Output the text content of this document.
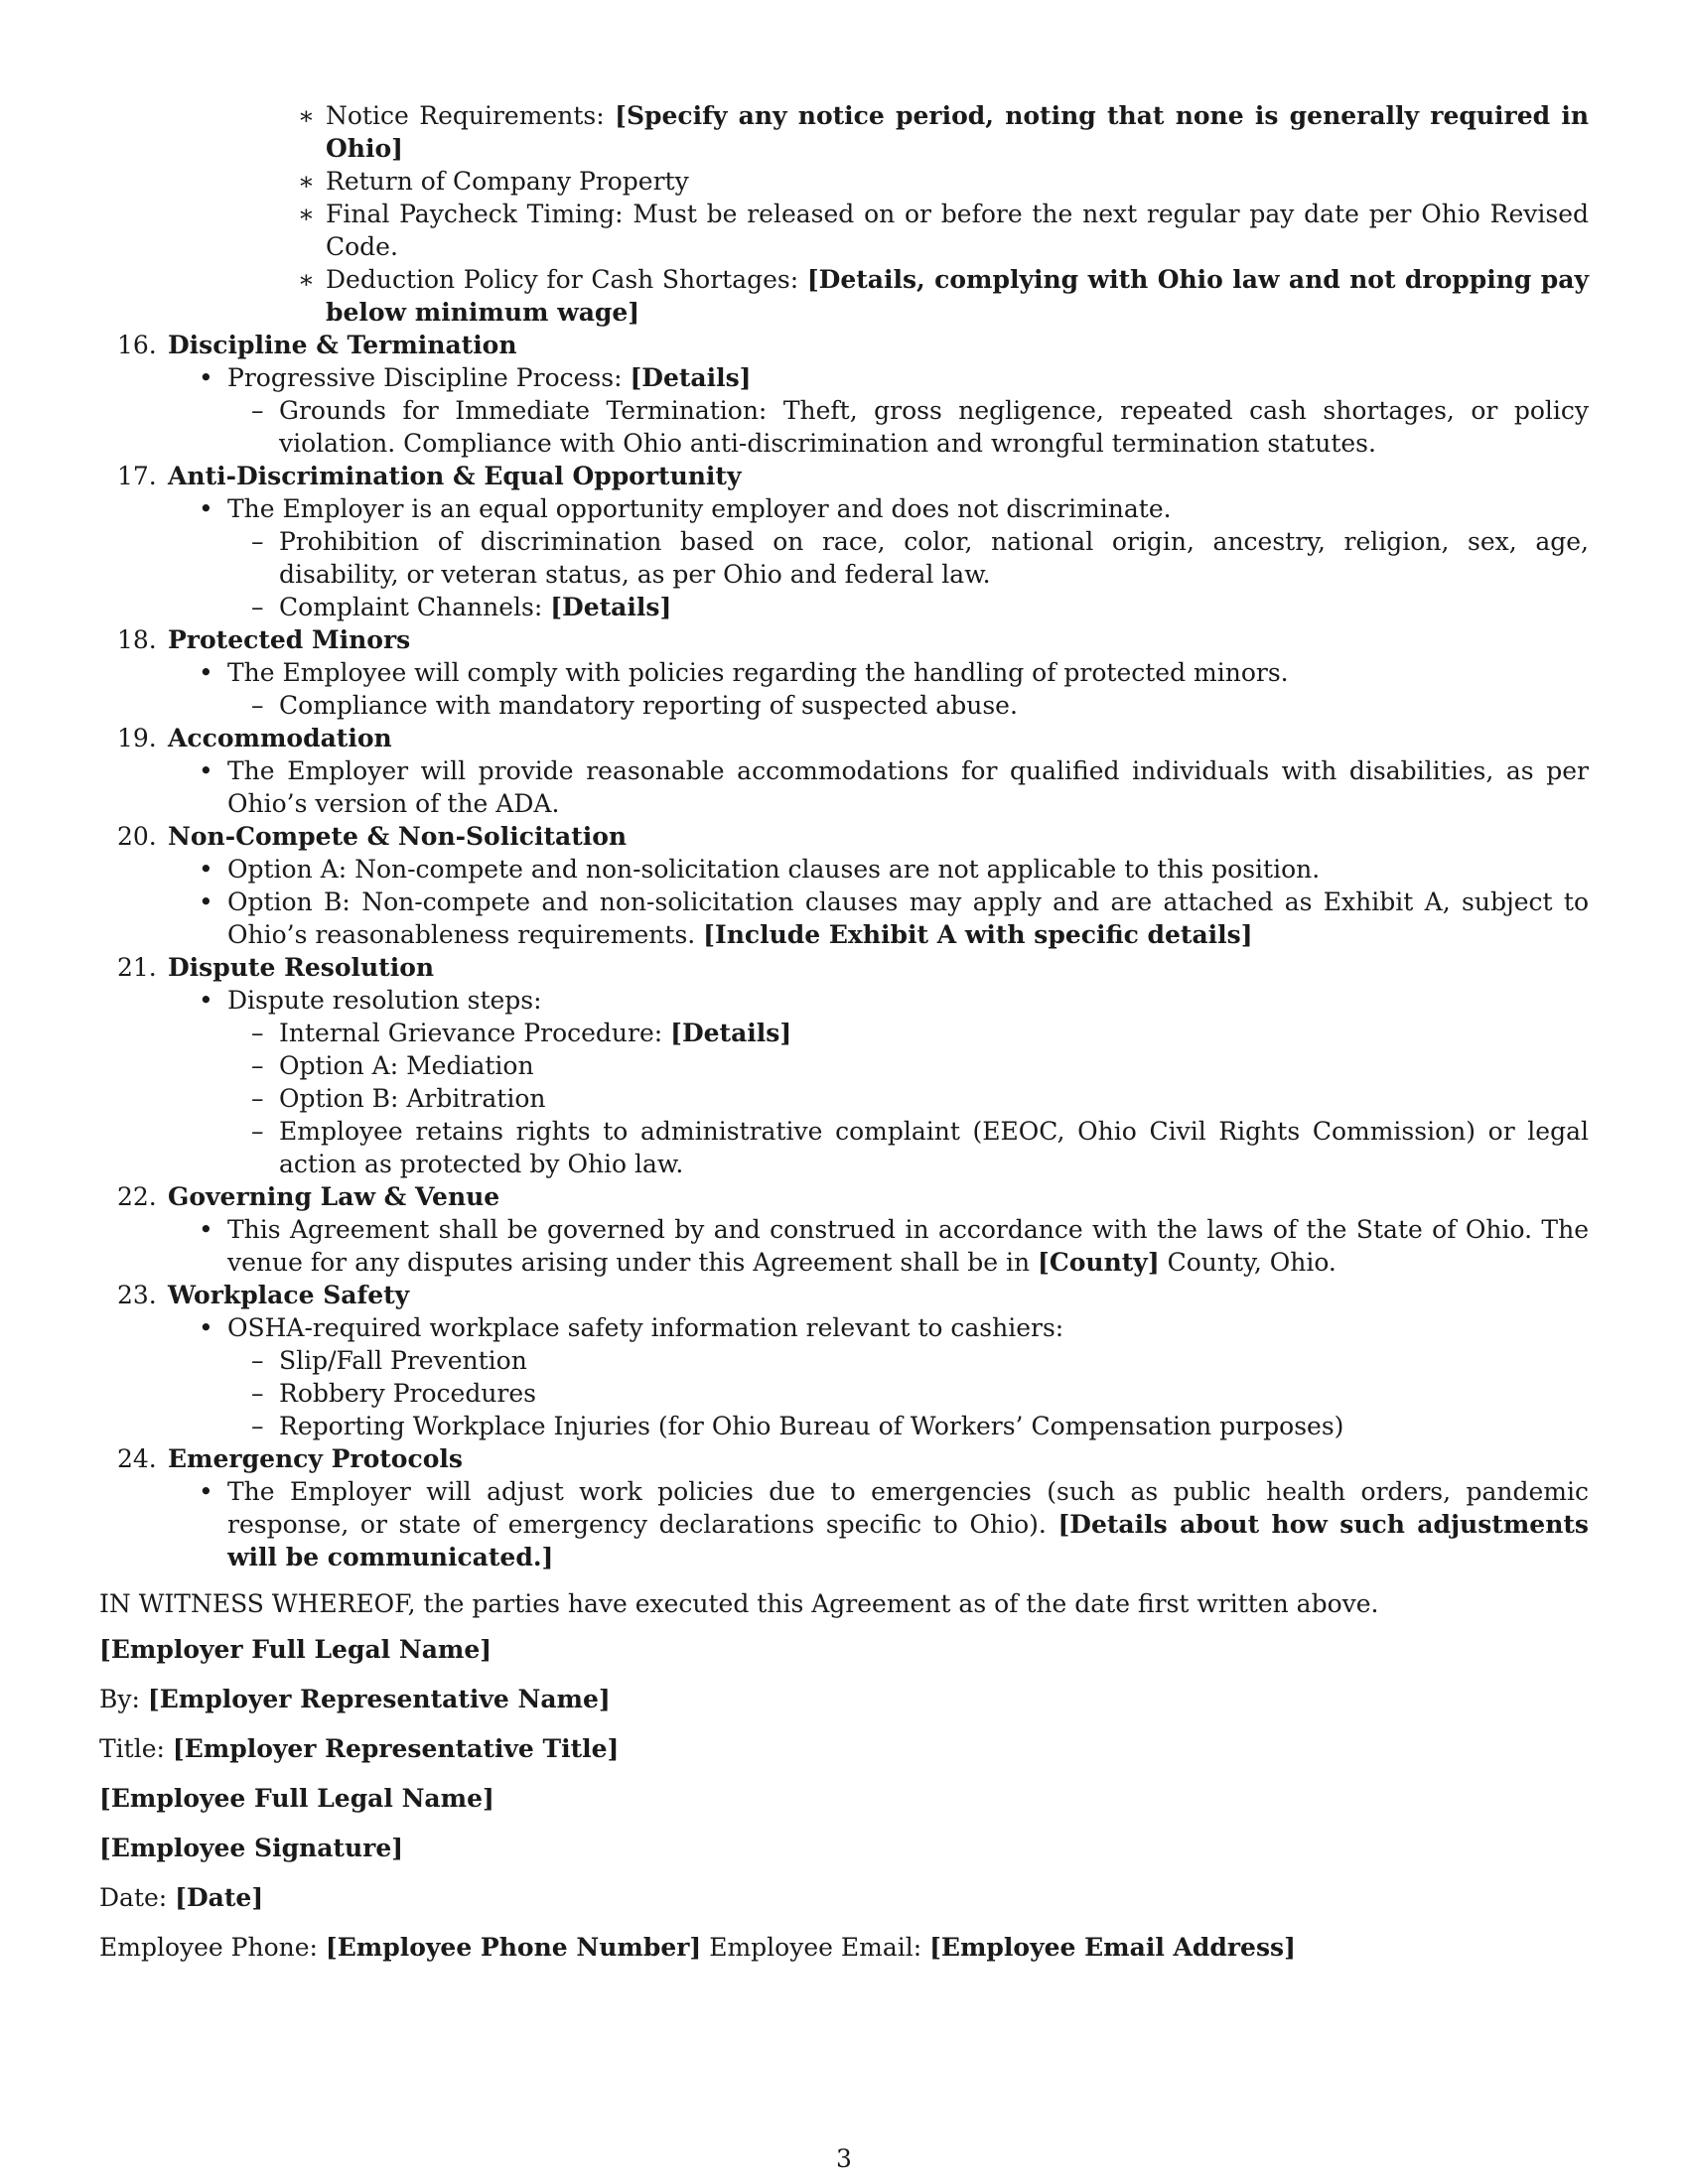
∗ Notice Requirements: [Specify any notice period, noting that none is generally required in Ohio]
∗ Return of Company Property
∗ Final Paycheck Timing: Must be released on or before the next regular pay date per Ohio Revised Code.
∗ Deduction Policy for Cash Shortages: [Details, complying with Ohio law and not dropping pay below minimum wage]
16. Discipline & Termination
• Progressive Discipline Process: [Details]
– Grounds for Immediate Termination: Theft, gross negligence, repeated cash shortages, or policy violation. Compliance with Ohio anti-discrimination and wrongful termination statutes.
17. Anti-Discrimination & Equal Opportunity
• The Employer is an equal opportunity employer and does not discriminate.
– Prohibition of discrimination based on race, color, national origin, ancestry, religion, sex, age, disability, or veteran status, as per Ohio and federal law.
– Complaint Channels: [Details]
18. Protected Minors
• The Employee will comply with policies regarding the handling of protected minors.
– Compliance with mandatory reporting of suspected abuse.
19. Accommodation
• The Employer will provide reasonable accommodations for qualified individuals with disabilities, as per Ohio’s version of the ADA.
20. Non-Compete & Non-Solicitation
• Option A: Non-compete and non-solicitation clauses are not applicable to this position.
• Option B: Non-compete and non-solicitation clauses may apply and are attached as Exhibit A, subject to Ohio’s reasonableness requirements. [Include Exhibit A with specific details]
21. Dispute Resolution
• Dispute resolution steps:
– Internal Grievance Procedure: [Details]
– Option A: Mediation
– Option B: Arbitration
– Employee retains rights to administrative complaint (EEOC, Ohio Civil Rights Commission) or legal action as protected by Ohio law.
22. Governing Law & Venue
• This Agreement shall be governed by and construed in accordance with the laws of the State of Ohio. The venue for any disputes arising under this Agreement shall be in [County] County, Ohio.
23. Workplace Safety
• OSHA-required workplace safety information relevant to cashiers:
– Slip/Fall Prevention
– Robbery Procedures
– Reporting Workplace Injuries (for Ohio Bureau of Workers’ Compensation purposes)
24. Emergency Protocols
• The Employer will adjust work policies due to emergencies (such as public health orders, pandemic response, or state of emergency declarations specific to Ohio). [Details about how such adjustments will be communicated.]
IN WITNESS WHEREOF, the parties have executed this Agreement as of the date first written above.

[Employer Full Legal Name]

By: [Employer Representative Name]

Title: [Employer Representative Title]

[Employee Full Legal Name]

[Employee Signature]

Date: [Date]

Employee Phone: [Employee Phone Number] Employee Email: [Employee Email Address]

3
